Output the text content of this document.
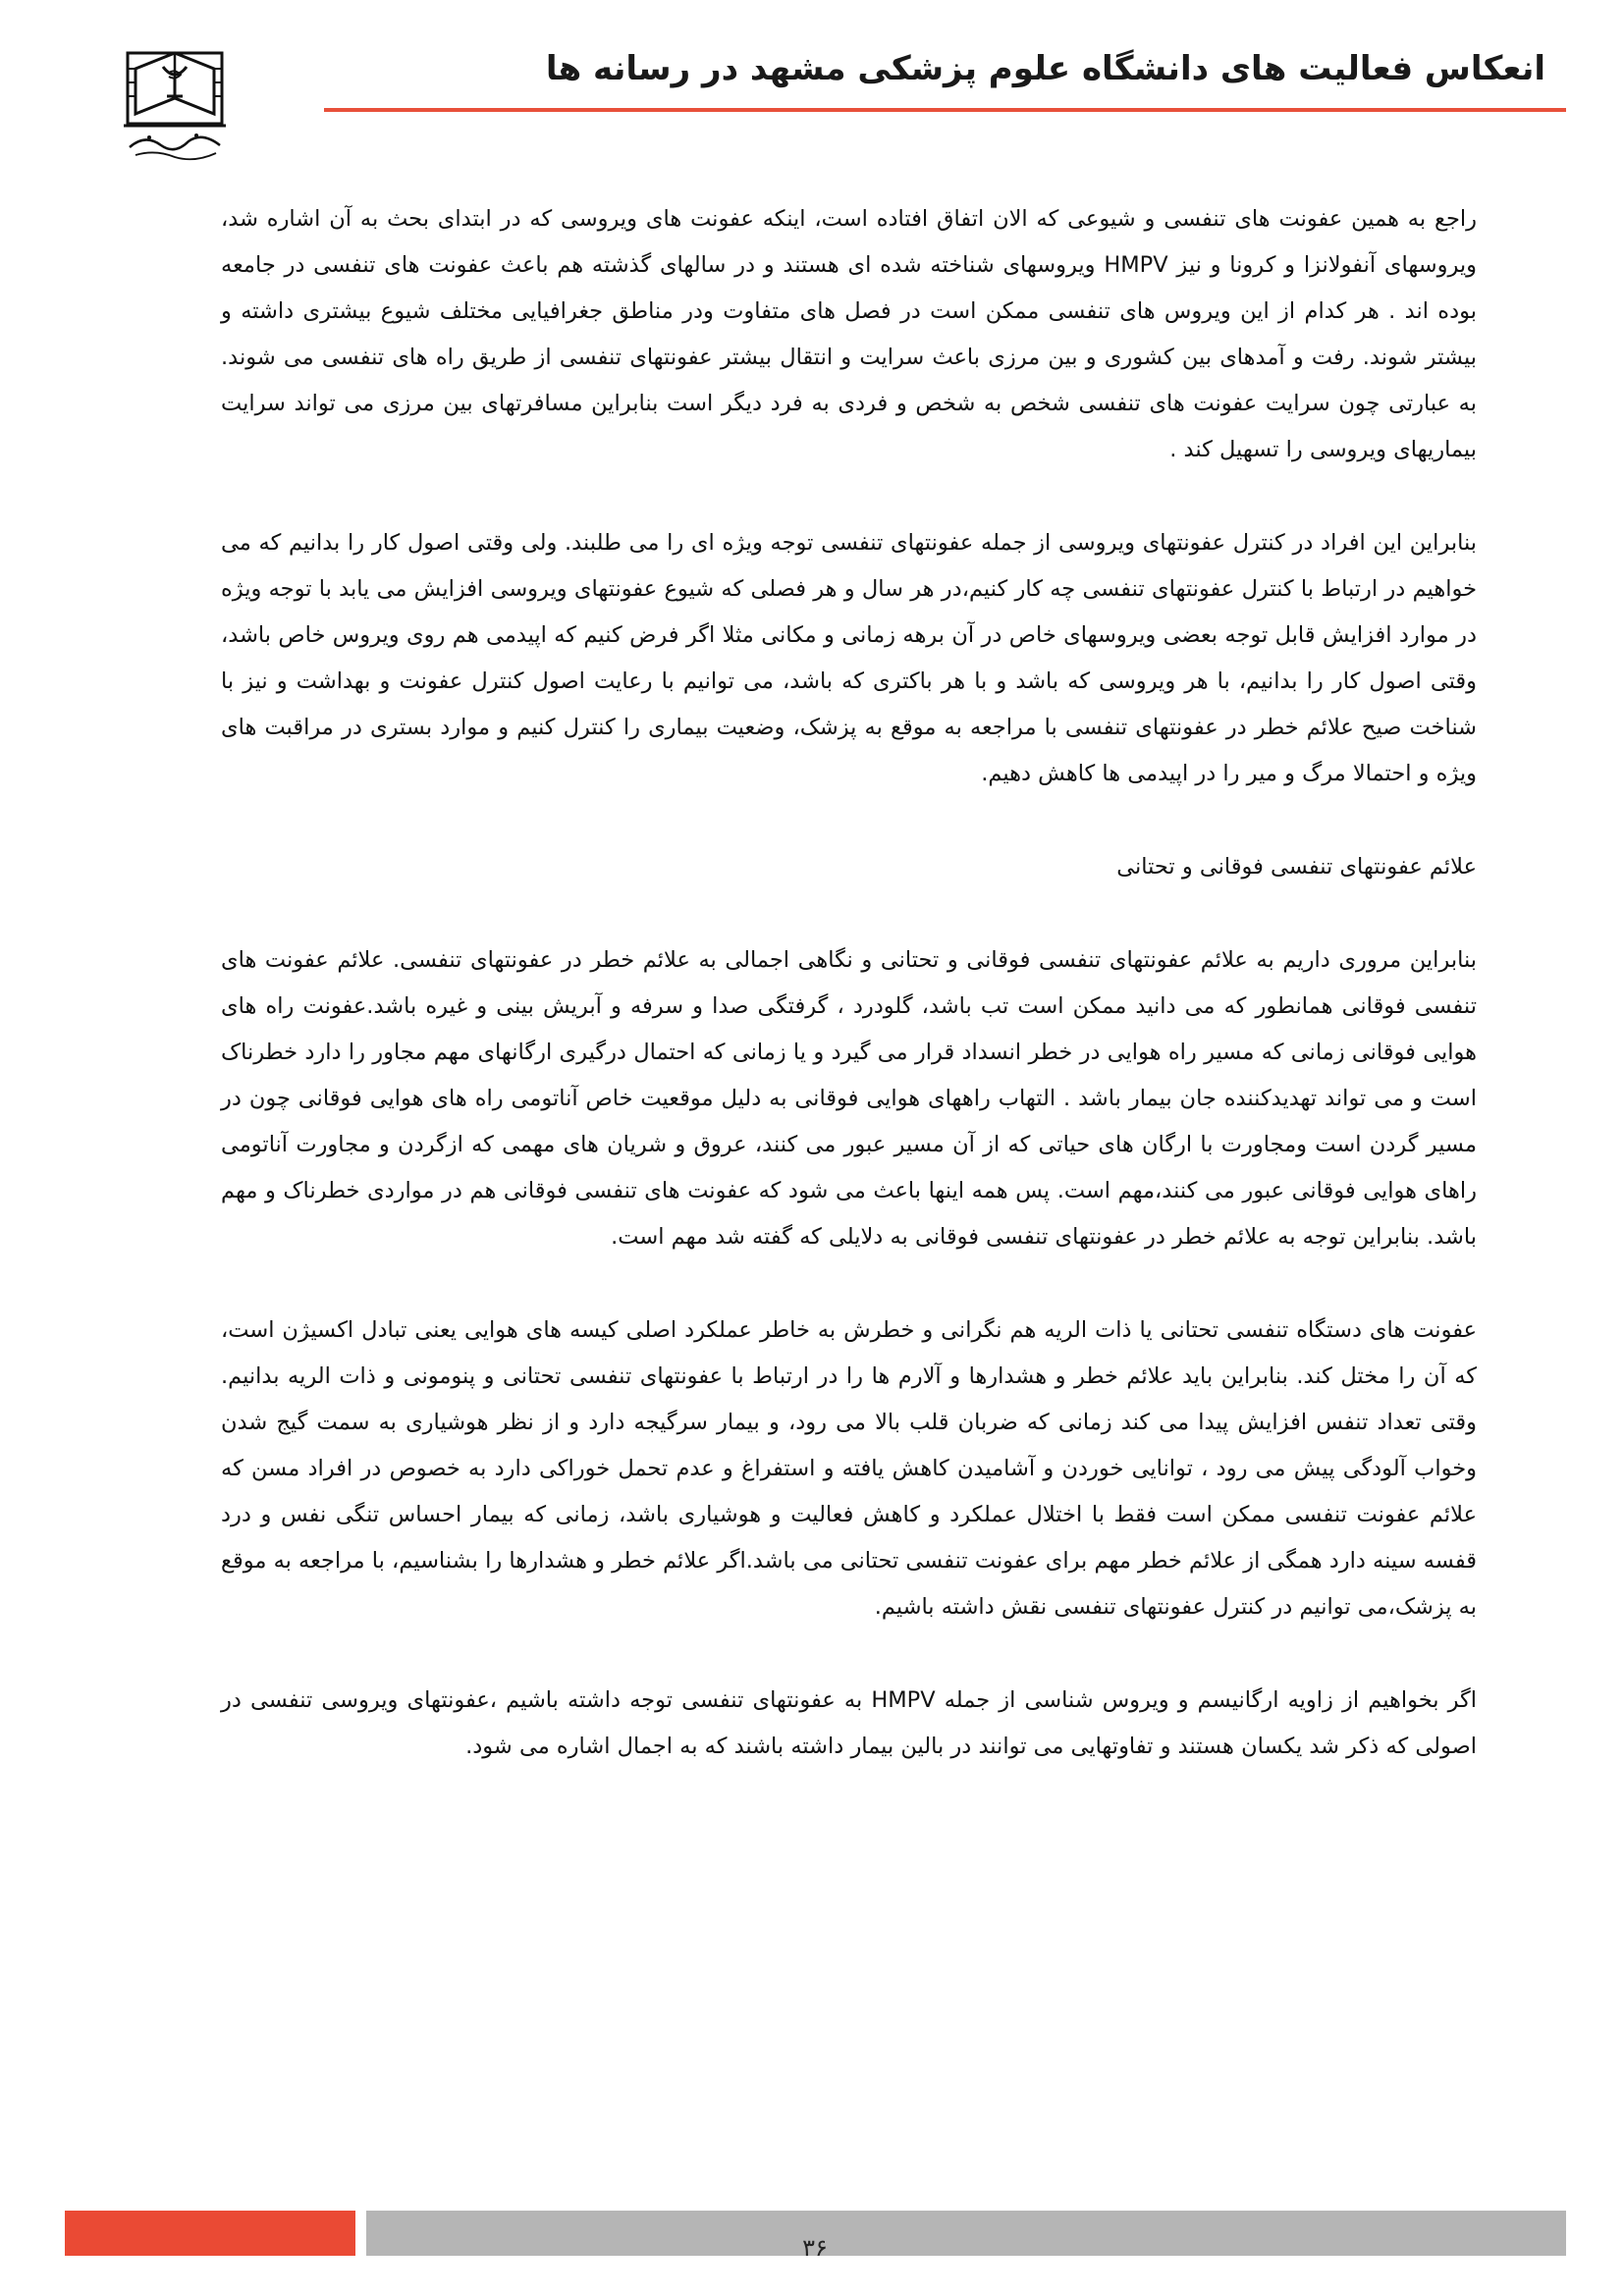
انعکاس فعالیت های دانشگاه علوم پزشکی مشهد در رسانه ها

راجع به همین عفونت های تنفسی و شیوعی که الان اتفاق افتاده است، اینکه عفونت های ویروسی که در ابتدای بحث به آن اشاره شد، ویروسهای آنفولانزا و کرونا و نیز HMPV ویروسهای شناخته شده ای هستند و در سالهای گذشته هم باعث عفونت های تنفسی در جامعه بوده اند . هر کدام از این ویروس های تنفسی ممکن است در فصل های متفاوت ودر مناطق جغرافیایی مختلف شیوع بیشتری داشته و بیشتر شوند. رفت و آمدهای بین کشوری و بین مرزی باعث سرایت و انتقال بیشتر عفونتهای تنفسی از طریق راه های تنفسی می شوند. به عبارتی چون سرایت عفونت های تنفسی شخص به شخص و فردی به فرد دیگر است بنابراین مسافرتهای بین مرزی می تواند سرایت بیماریهای ویروسی را تسهیل کند .

بنابراین این افراد در کنترل عفونتهای ویروسی از جمله عفونتهای تنفسی توجه ویژه ای را می طلبند. ولی وقتی اصول کار را بدانیم که می خواهیم در ارتباط با کنترل عفونتهای تنفسی چه کار کنیم،در هر سال و هر فصلی که شیوع عفونتهای ویروسی افزایش می یابد با توجه ویژه در موارد افزایش قابل توجه بعضی ویروسهای خاص در آن برهه زمانی و مکانی مثلا اگر فرض کنیم که اپیدمی هم روی ویروس خاص باشد، وقتی اصول کار را بدانیم، با هر ویروسی که باشد و با هر باکتری که باشد، می توانیم با رعایت اصول کنترل عفونت و بهداشت و نیز با شناخت صیح علائم خطر در عفونتهای تنفسی با مراجعه به موقع به پزشک، وضعیت بیماری را کنترل کنیم و موارد بستری در مراقبت های ویژه و احتمالا مرگ و میر را در اپیدمی ها کاهش دهیم.

علائم عفونتهای تنفسی فوقانی و تحتانی

بنابراین مروری داریم به علائم عفونتهای تنفسی فوقانی و تحتانی و نگاهی اجمالی به علائم خطر در عفونتهای تنفسی. علائم عفونت های تنفسی فوقانی همانطور که می دانید ممکن است تب باشد، گلودرد ، گرفتگی صدا و سرفه و آبریش بینی و غیره باشد.عفونت راه های هوایی فوقانی زمانی که مسیر راه هوایی در خطر انسداد قرار می گیرد و یا زمانی که احتمال درگیری ارگانهای مهم مجاور را دارد خطرناک است و می تواند تهدیدکننده جان بیمار باشد . التهاب راههای هوایی فوقانی به دلیل موقعیت خاص آناتومی راه های هوایی فوقانی چون در مسیر گردن است ومجاورت با ارگان های حیاتی که از آن مسیر عبور می کنند، عروق و شریان های مهمی که ازگردن و مجاورت آناتومی راهای هوایی فوقانی عبور می کنند،مهم است. پس همه اینها باعث می شود که عفونت های تنفسی فوقانی هم در مواردی خطرناک و مهم باشد. بنابراین توجه به علائم خطر در عفونتهای تنفسی فوقانی به دلایلی که گفته شد مهم است.

عفونت های دستگاه تنفسی تحتانی یا ذات الریه هم نگرانی و خطرش به خاطر عملکرد اصلی کیسه های هوایی یعنی تبادل اکسیژن است، که آن را مختل کند. بنابراین باید علائم خطر و هشدارها و آلارم ها را در ارتباط با عفونتهای تنفسی تحتانی و پنومونی و ذات الریه بدانیم. وقتی تعداد تنفس افزایش پیدا می کند زمانی که ضربان قلب بالا می رود، و بیمار سرگیجه دارد و از نظر هوشیاری به سمت گیج شدن وخواب آلودگی پیش می رود ، توانایی خوردن و آشامیدن کاهش یافته و استفراغ و عدم تحمل خوراکی دارد به خصوص در افراد مسن که علائم عفونت تنفسی ممکن است فقط با اختلال عملکرد و کاهش فعالیت و هوشیاری باشد، زمانی که بیمار احساس تنگی نفس و درد قفسه سینه دارد همگی از علائم خطر مهم برای عفونت تنفسی تحتانی می باشد.اگر علائم خطر و هشدارها را بشناسیم، با مراجعه به موقع به پزشک،می توانیم در کنترل عفونتهای تنفسی نقش داشته باشیم.

اگر بخواهیم از زاویه ارگانیسم و ویروس شناسی از جمله HMPV به عفونتهای تنفسی توجه داشته باشیم ،عفونتهای ویروسی تنفسی در اصولی که ذکر شد یکسان هستند و تفاوتهایی می توانند در بالین بیمار داشته باشند که به اجمال اشاره می شود.

۳۶
